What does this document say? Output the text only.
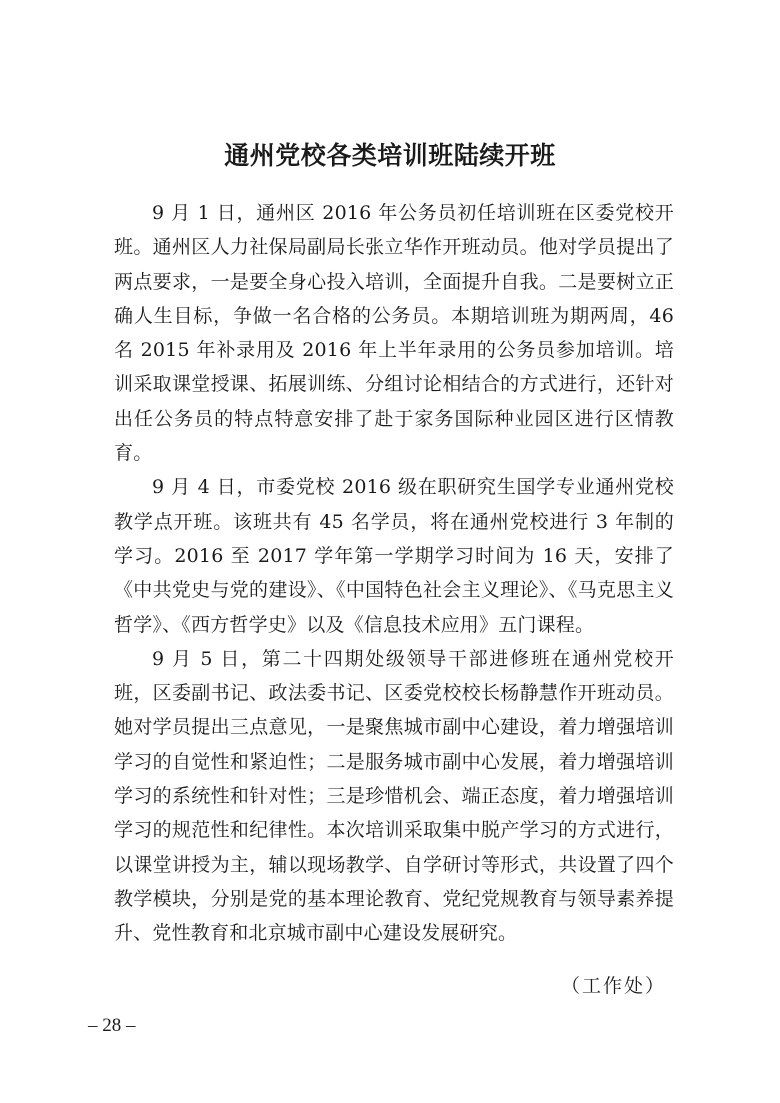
通州党校各类培训班陆续开班

9 月 1 日，通州区 2016 年公务员初任培训班在区委党校开班。通州区人力社保局副局长张立华作开班动员。他对学员提出了两点要求，一是要全身心投入培训，全面提升自我。二是要树立正确人生目标，争做一名合格的公务员。本期培训班为期两周，46 名 2015 年补录用及 2016 年上半年录用的公务员参加培训。培训采取课堂授课、拓展训练、分组讨论相结合的方式进行，还针对出任公务员的特点特意安排了赴于家务国际种业园区进行区情教育。

9 月 4 日，市委党校 2016 级在职研究生国学专业通州党校教学点开班。该班共有 45 名学员，将在通州党校进行 3 年制的学习。2016 至 2017 学年第一学期学习时间为 16 天，安排了《中共党史与党的建设》、《中国特色社会主义理论》、《马克思主义哲学》、《西方哲学史》以及《信息技术应用》五门课程。

9 月 5 日，第二十四期处级领导干部进修班在通州党校开班，区委副书记、政法委书记、区委党校校长杨静慧作开班动员。她对学员提出三点意见，一是聚焦城市副中心建设，着力增强培训学习的自觉性和紧迫性；二是服务城市副中心发展，着力增强培训学习的系统性和针对性；三是珍惜机会、端正态度，着力增强培训学习的规范性和纪律性。本次培训采取集中脱产学习的方式进行，以课堂讲授为主，辅以现场教学、自学研讨等形式，共设置了四个教学模块，分别是党的基本理论教育、党纪党规教育与领导素养提升、党性教育和北京城市副中心建设发展研究。

（工作处）

– 28 –
